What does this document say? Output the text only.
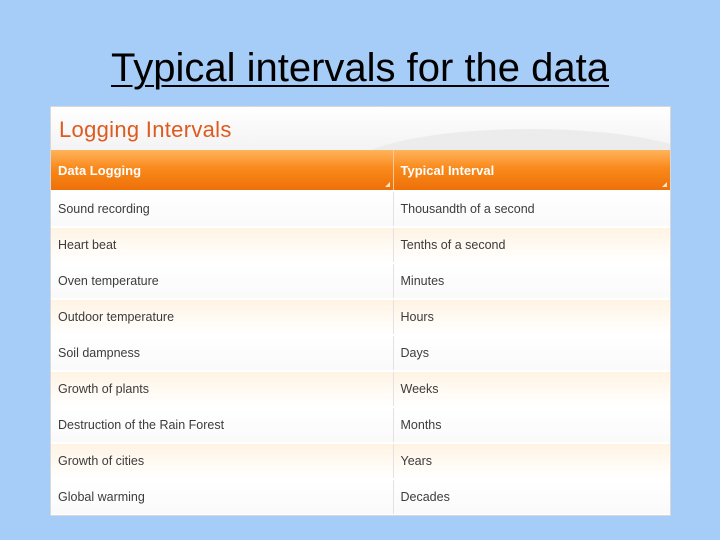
Typical intervals for the data
Logging Intervals
Data Logging	Typical Interval

Sound recording	Thousandth of a second
Heart beat	Tenths of a second
Oven temperature	Minutes
Outdoor temperature	Hours
Soil dampness	Days
Growth of plants	Weeks
Destruction of the Rain Forest	Months
Growth of cities	Years
Global warming	Decades
